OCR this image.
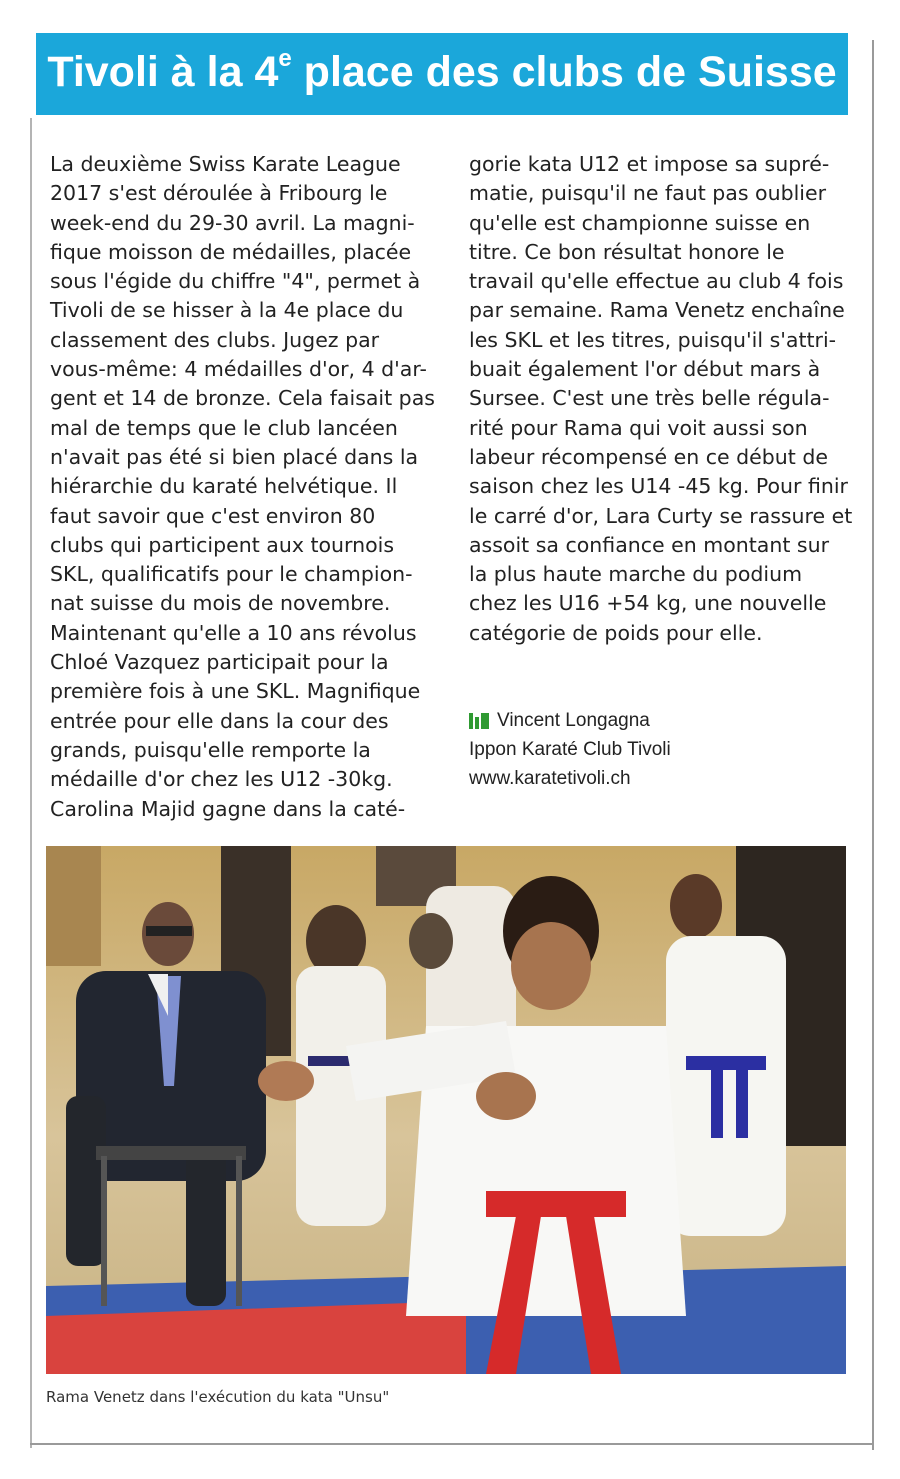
Tivoli à la 4e place des clubs de Suisse
La deuxième Swiss Karate League
2017 s'est déroulée à Fribourg le
week-end du 29-30 avril. La magni-
fique moisson de médailles, placée
sous l'égide du chiffre "4", permet à
Tivoli de se hisser à la 4e place du
classement des clubs. Jugez par
vous-même: 4 médailles d'or, 4 d'ar-
gent et 14 de bronze. Cela faisait pas
mal de temps que le club lancéen
n'avait pas été si bien placé dans la
hiérarchie du karaté helvétique. Il
faut savoir que c'est environ 80
clubs qui participent aux tournois
SKL, qualificatifs pour le champion-
nat suisse du mois de novembre.
Maintenant qu'elle a 10 ans révolus
Chloé Vazquez participait pour la
première fois à une SKL. Magnifique
entrée pour elle dans la cour des
grands, puisqu'elle remporte la
médaille d'or chez les U12 -30kg.
Carolina Majid gagne dans la caté-
gorie kata U12 et impose sa supré-
matie, puisqu'il ne faut pas oublier
qu'elle est championne suisse en
titre. Ce bon résultat honore le
travail qu'elle effectue au club 4 fois
par semaine. Rama Venetz enchaîne
les SKL et les titres, puisqu'il s'attri-
buait également l'or début mars à
Sursee. C'est une très belle régula-
rité pour Rama qui voit aussi son
labeur récompensé en ce début de
saison chez les U14 -45 kg. Pour finir
le carré d'or, Lara Curty se rassure et
assoit sa confiance en montant sur
la plus haute marche du podium
chez les U16 +54 kg, une nouvelle
catégorie de poids pour elle.
Vincent Longagna
Ippon Karaté Club Tivoli
www.karatetivoli.ch
Rama Venetz dans l'exécution du kata "Unsu"
